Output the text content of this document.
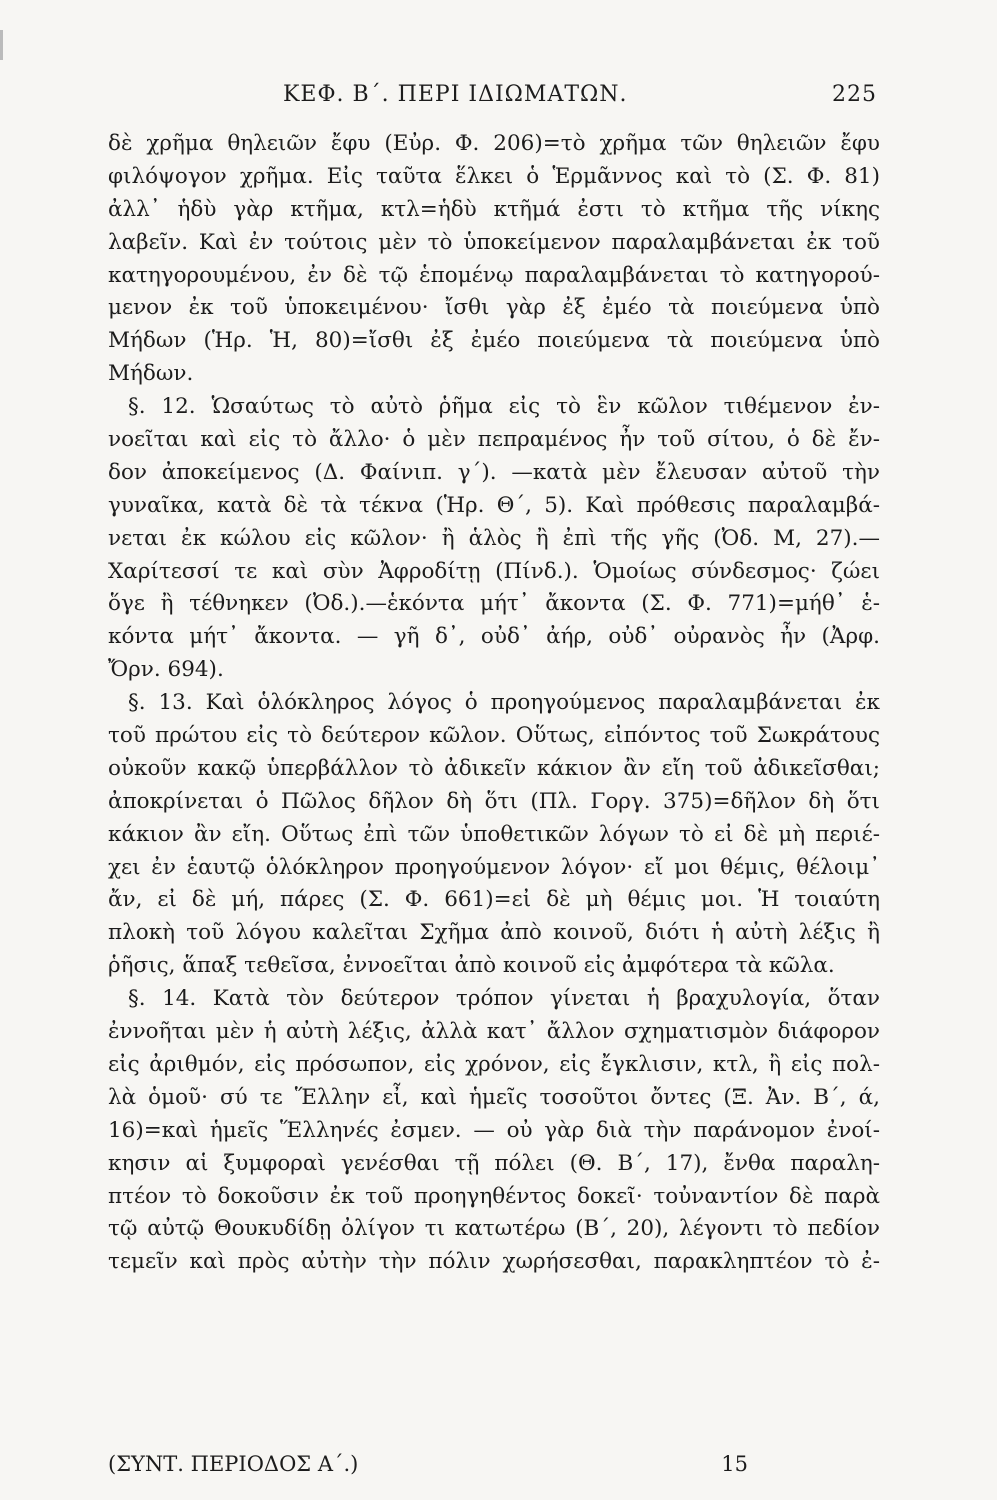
ΚΕΦ. Β΄. ΠΕΡΙ ΙΔΙΩΜΑΤΩΝ.	225
δὲ χρῆμα θηλειῶν ἔφυ (Εὐρ. Φ. 206)=τὸ χρῆμα τῶν θηλειῶν ἔφυ
φιλόψογον χρῆμα. Εἰς ταῦτα ἕλκει ὁ Ἑρμᾶννος καὶ τὸ (Σ. Φ. 81)
ἀλλ᾽ ἡδὺ γὰρ κτῆμα, κτλ=ἡδὺ κτῆμά ἐστι τὸ κτῆμα τῆς νίκης
λαβεῖν. Καὶ ἐν τούτοις μὲν τὸ ὑποκείμενον παραλαμβάνεται ἐκ τοῦ
κατηγορουμένου, ἐν δὲ τῷ ἑπομένῳ παραλαμβάνεται τὸ κατηγορού-
μενον ἐκ τοῦ ὑποκειμένου· ἴσθι γὰρ ἐξ ἐμέο τὰ ποιεύμενα ὑπὸ
Μήδων (Ἡρ. Ἡ, 80)=ἴσθι ἐξ ἐμέο ποιεύμενα τὰ ποιεύμενα ὑπὸ
Μήδων.
§. 12. Ὡσαύτως τὸ αὐτὸ ῥῆμα εἰς τὸ ἓν κῶλον τιθέμενον ἐν-
νοεῖται καὶ εἰς τὸ ἄλλο· ὁ μὲν πεπραμένος ἦν τοῦ σίτου, ὁ δὲ ἔν-
δον ἀποκείμενος (Δ. Φαίνιπ. γ΄). —κατὰ μὲν ἔλευσαν αὐτοῦ τὴν
γυναῖκα, κατὰ δὲ τὰ τέκνα (Ἡρ. Θ΄, 5). Καὶ πρόθεσις παραλαμβά-
νεται ἐκ κώλου εἰς κῶλον· ἢ ἁλὸς ἢ ἐπὶ τῆς γῆς (Ὀδ. Μ, 27).—
Χαρίτεσσί τε καὶ σὺν Ἀφροδίτῃ (Πίνδ.). Ὁμοίως σύνδεσμος· ζώει
ὅγε ἢ τέθνηκεν (Ὀδ.).—ἑκόντα μήτ᾽ ἄκοντα (Σ. Φ. 771)=μήθ᾽ ἑ-
κόντα μήτ᾽ ἄκοντα. — γῆ δ᾽, οὐδ᾽ ἀήρ, οὐδ᾽ οὐρανὸς ἦν (Ἀρφ.
Ὄρν. 694).
§. 13. Καὶ ὁλόκληρος λόγος ὁ προηγούμενος παραλαμβάνεται ἐκ
τοῦ πρώτου εἰς τὸ δεύτερον κῶλον. Οὕτως, εἰπόντος τοῦ Σωκράτους
οὐκοῦν κακῷ ὑπερβάλλον τὸ ἀδικεῖν κάκιον ἂν εἴη τοῦ ἀδικεῖσθαι;
ἀποκρίνεται ὁ Πῶλος δῆλον δὴ ὅτι (Πλ. Γοργ. 375)=δῆλον δὴ ὅτι
κάκιον ἂν εἴη. Οὕτως ἐπὶ τῶν ὑποθετικῶν λόγων τὸ εἰ δὲ μὴ περιέ-
χει ἐν ἑαυτῷ ὁλόκληρον προηγούμενον λόγον· εἴ μοι θέμις, θέλοιμ᾽
ἄν, εἰ δὲ μή, πάρες (Σ. Φ. 661)=εἰ δὲ μὴ θέμις μοι. Ἡ τοιαύτη
πλοκὴ τοῦ λόγου καλεῖται Σχῆμα ἀπὸ κοινοῦ, διότι ἡ αὐτὴ λέξις ἢ
ῥῆσις, ἅπαξ τεθεῖσα, ἐννοεῖται ἀπὸ κοινοῦ εἰς ἀμφότερα τὰ κῶλα.
§. 14. Κατὰ τὸν δεύτερον τρόπον γίνεται ἡ βραχυλογία, ὅταν
ἐννοῆται μὲν ἡ αὐτὴ λέξις, ἀλλὰ κατ᾽ ἄλλον σχηματισμὸν διάφορον
εἰς ἀριθμόν, εἰς πρόσωπον, εἰς χρόνον, εἰς ἔγκλισιν, κτλ, ἢ εἰς πολ-
λὰ ὁμοῦ· σύ τε Ἕλλην εἶ, καὶ ἡμεῖς τοσοῦτοι ὄντες (Ξ. Ἀν. Β΄, ά,
16)=καὶ ἡμεῖς Ἕλληνές ἐσμεν. — οὐ γὰρ διὰ τὴν παράνομον ἐνοί-
κησιν αἱ ξυμφοραὶ γενέσθαι τῇ πόλει (Θ. Β΄, 17), ἔνθα παραλη-
πτέον τὸ δοκοῦσιν ἐκ τοῦ προηγηθέντος δοκεῖ· τοὐναντίον δὲ παρὰ
τῷ αὐτῷ Θουκυδίδῃ ὀλίγον τι κατωτέρω (Β΄, 20), λέγοντι τὸ πεδίον
τεμεῖν καὶ πρὸς αὐτὴν τὴν πόλιν χωρήσεσθαι, παρακληπτέον τὸ ἐ-
(ΣΥΝΤ. ΠΕΡΙΟΔΟΣ Α΄.)	15
